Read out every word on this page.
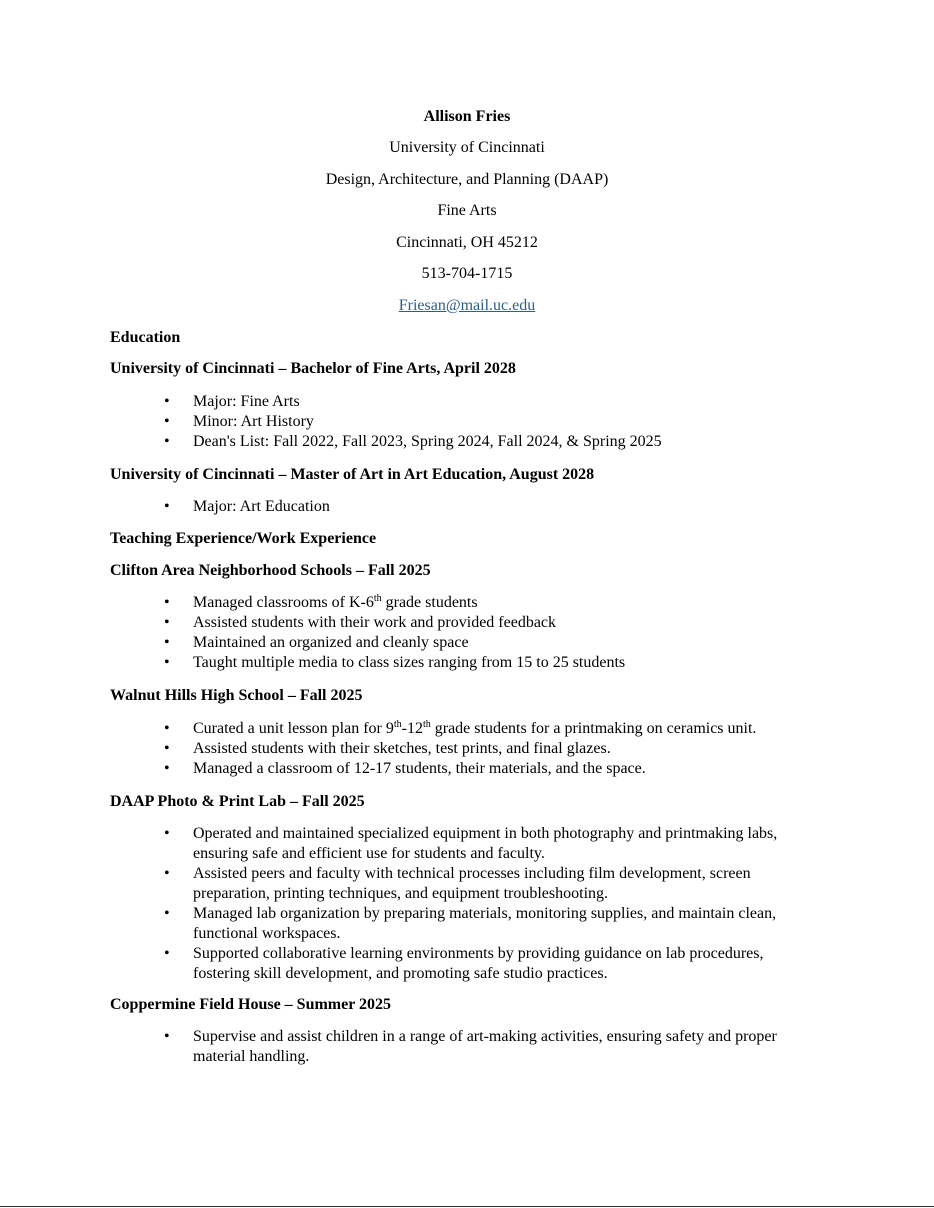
Allison Fries
University of Cincinnati
Design, Architecture, and Planning (DAAP)
Fine Arts
Cincinnati, OH 45212
513-704-1715
Friesan@mail.uc.edu
Education
University of Cincinnati – Bachelor of Fine Arts, April 2028
• Major: Fine Arts
• Minor: Art History
• Dean's List: Fall 2022, Fall 2023, Spring 2024, Fall 2024, & Spring 2025
University of Cincinnati – Master of Art in Art Education, August 2028
• Major: Art Education
Teaching Experience/Work Experience
Clifton Area Neighborhood Schools – Fall 2025
• Managed classrooms of K-6th grade students
• Assisted students with their work and provided feedback
• Maintained an organized and cleanly space
• Taught multiple media to class sizes ranging from 15 to 25 students
Walnut Hills High School – Fall 2025
• Curated a unit lesson plan for 9th-12th grade students for a printmaking on ceramics unit.
• Assisted students with their sketches, test prints, and final glazes.
• Managed a classroom of 12-17 students, their materials, and the space.
DAAP Photo & Print Lab – Fall 2025
• Operated and maintained specialized equipment in both photography and printmaking labs, ensuring safe and efficient use for students and faculty.
• Assisted peers and faculty with technical processes including film development, screen preparation, printing techniques, and equipment troubleshooting.
• Managed lab organization by preparing materials, monitoring supplies, and maintain clean, functional workspaces.
• Supported collaborative learning environments by providing guidance on lab procedures, fostering skill development, and promoting safe studio practices.
Coppermine Field House – Summer 2025
• Supervise and assist children in a range of art-making activities, ensuring safety and proper material handling.
